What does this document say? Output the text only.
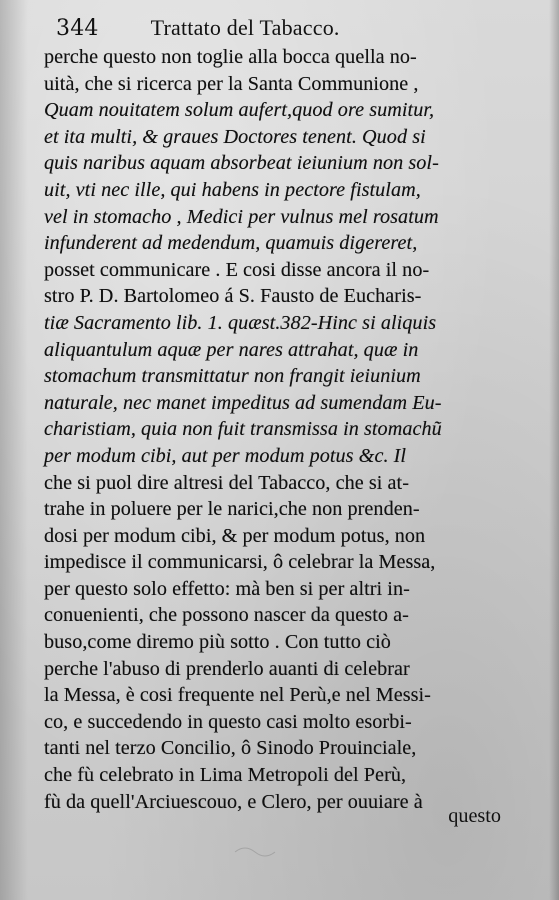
344 Trattato del Tabacco.
perche questo non toglie alla bocca quella no-
uità, che si ricerca per la Santa Communione ,
Quam nouitatem solum aufert,quod ore sumitur,
et ita multi, & graues Doctores tenent. Quod si
quis naribus aquam absorbeat ieiunium non sol-
uit, vti nec ille, qui habens in pectore fistulam,
vel in stomacho , Medici per vulnus mel rosatum
infunderent ad medendum, quamuis digereret,
posset communicare . E cosi disse ancora il no-
stro P. D. Bartolomeo á S. Fausto de Eucharis-
tiæ Sacramento lib. 1. quæst.382-Hinc si aliquis
aliquantulum aquæ per nares attrahat, quæ in
stomachum transmittatur non frangit ieiunium
naturale, nec manet impeditus ad sumendam Eu-
charistiam, quia non fuit transmissa in stomachũ
per modum cibi, aut per modum potus &c. Il
che si puol dire altresi del Tabacco, che si at-
trahe in poluere per le narici,che non prenden-
dosi per modum cibi, & per modum potus, non
impedisce il communicarsi, ô celebrar la Messa,
per questo solo effetto: mà ben si per altri in-
conuenienti, che possono nascer da questo a-
buso,come diremo più sotto . Con tutto ciò
perche l'abuso di prenderlo auanti di celebrar
la Messa, è cosi frequente nel Perù,e nel Messi-
co, e succedendo in questo casi molto esorbi-
tanti nel terzo Concilio, ô Sinodo Prouinciale,
che fù celebrato in Lima Metropoli del Perù,
fù da quell'Arciuescouo, e Clero, per ouuiare à
questo
